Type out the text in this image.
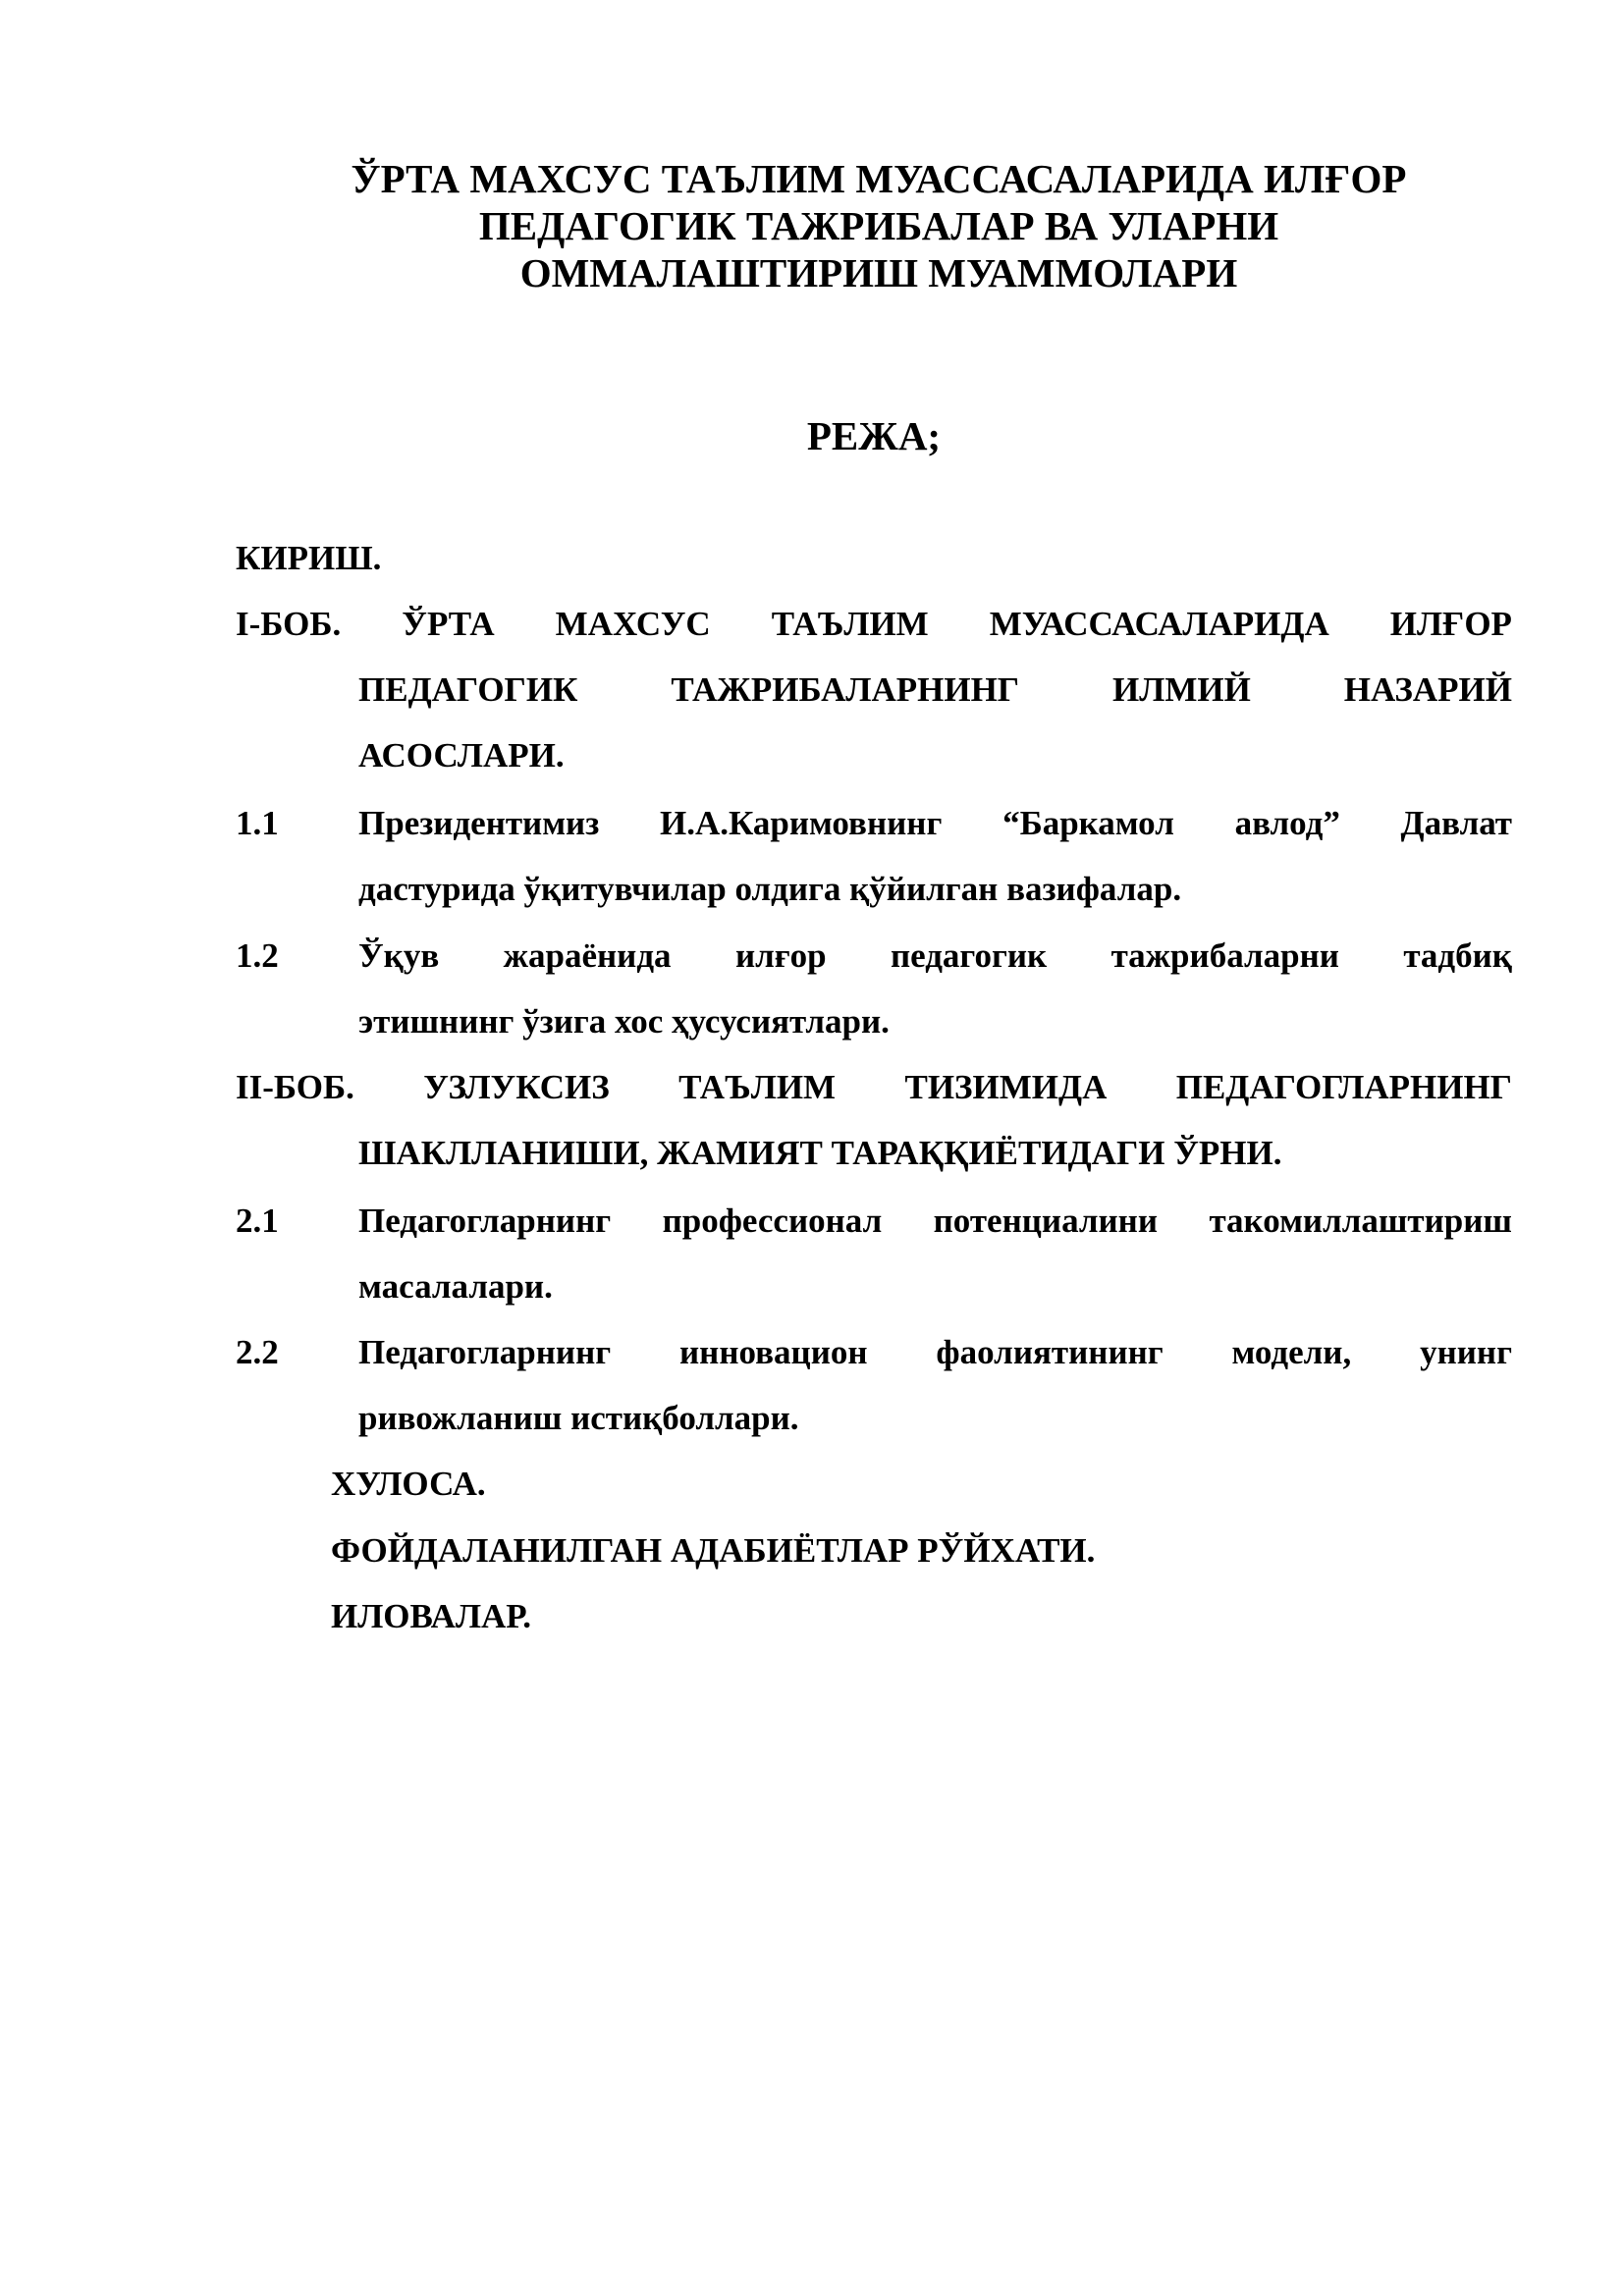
ЎРТА МАХСУС ТАЪЛИМ МУАССАСАЛАРИДА ИЛҒОР
ПЕДАГОГИК ТАЖРИБАЛАР ВА УЛАРНИ
ОММАЛАШТИРИШ МУАММОЛАРИ
РЕЖА;
КИРИШ.
I-БОБ. ЎРТА МАХСУС ТАЪЛИМ МУАССАСАЛАРИДА ИЛҒОР
ПЕДАГОГИК	ТАЖРИБАЛАРНИНГ	ИЛМИЙ	НАЗАРИЙ
АСОСЛАРИ.
1.1 Президентимиз И.А.Каримовнинг “Баркамол авлод” Давлат
дастурида ўқитувчилар олдига қўйилган вазифалар.
1.2 Ўқув жараёнида илғор педагогик тажрибаларни тадбиқ
этишнинг ўзига хос ҳусусиятлари.
II-БОБ. УЗЛУКСИЗ ТАЪЛИМ ТИЗИМИДА ПЕДАГОГЛАРНИНГ
ШАКЛЛАНИШИ, ЖАМИЯТ ТАРАҚҚИЁТИДАГИ ЎРНИ.
2.1 Педагогларнинг профессионал потенциалини такомиллаштириш
масалалари.
2.2 Педагогларнинг инновацион фаолиятининг модели, унинг
ривожланиш истиқболлари.
ХУЛОСА.
ФОЙДАЛАНИЛГАН АДАБИЁТЛАР РЎЙХАТИ.
ИЛОВАЛАР.
